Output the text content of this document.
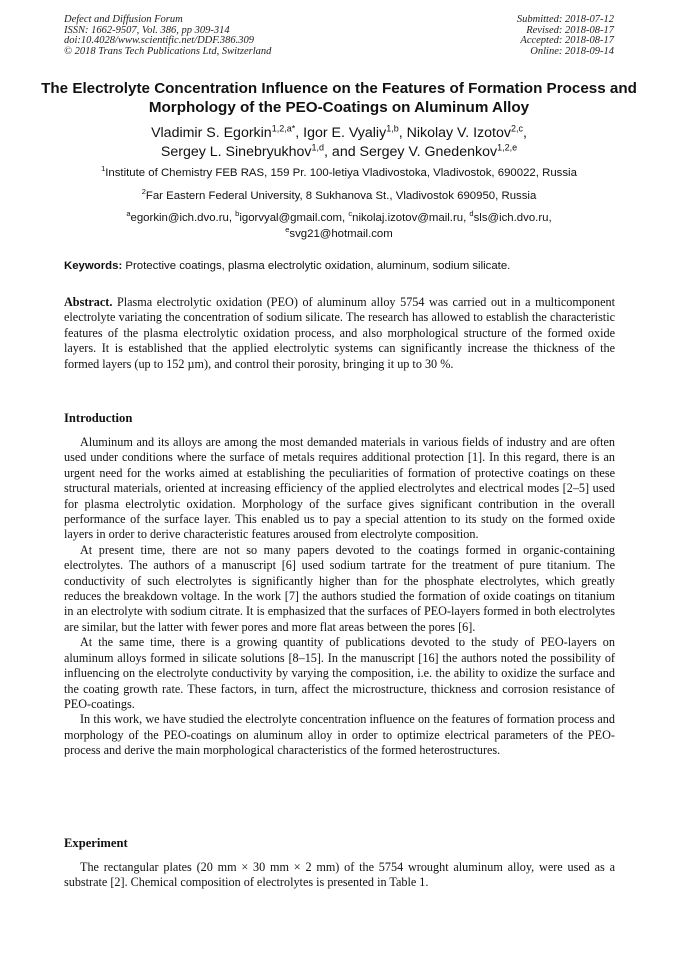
Defect and Diffusion Forum
ISSN: 1662-9507, Vol. 386, pp 309-314
doi:10.4028/www.scientific.net/DDF.386.309
© 2018 Trans Tech Publications Ltd, Switzerland
Submitted: 2018-07-12
Revised: 2018-08-17
Accepted: 2018-08-17
Online: 2018-09-14
The Electrolyte Concentration Influence on the Features of Formation Process and Morphology of the PEO-Coatings on Aluminum Alloy
Vladimir S. Egorkin$^{1,2,a*}$, Igor E. Vyaliy$^{1,b}$, Nikolay V. Izotov$^{2,c}$,
Sergey L. Sinebryukhov$^{1,d}$, and Sergey V. Gnedenkov$^{1,2,e}$
$^1$Institute of Chemistry FEB RAS, 159 Pr. 100-letiya Vladivostoka, Vladivostok, 690022, Russia
$^2$Far Eastern Federal University, 8 Sukhanova St., Vladivostok 690950, Russia
$^a$egorkin@ich.dvo.ru, $^b$igorvyal@gmail.com, $^c$nikolaj.izotov@mail.ru, $^d$sls@ich.dvo.ru,
$^e$svg21@hotmail.com
Keywords: Protective coatings, plasma electrolytic oxidation, aluminum, sodium silicate.
Abstract. Plasma electrolytic oxidation (PEO) of aluminum alloy 5754 was carried out in a multicomponent electrolyte variating the concentration of sodium silicate. The research has allowed to establish the characteristic features of the plasma electrolytic oxidation process, and also morphological structure of the formed oxide layers. It is established that the applied electrolytic systems can significantly increase the thickness of the formed layers (up to 152 µm), and control their porosity, bringing it up to 30 %.
Introduction

Aluminum and its alloys are among the most demanded materials in various fields of industry and are often used under conditions where the surface of metals requires additional protection [1]. In this regard, there is an urgent need for the works aimed at establishing the peculiarities of formation of protective coatings on these structural materials, oriented at increasing efficiency of the applied electrolytes and electrical modes [2–5] used for plasma electrolytic oxidation. Morphology of the surface gives significant contribution in the overall performance of the surface layer. This enabled us to pay a special attention to its study on the formed oxide layers in order to derive characteristic features aroused from electrolyte composition.

At present time, there are not so many papers devoted to the coatings formed in organic-containing electrolytes. The authors of a manuscript [6] used sodium tartrate for the treatment of pure titanium. The conductivity of such electrolytes is significantly higher than for the phosphate electrolytes, which greatly reduces the breakdown voltage. In the work [7] the authors studied the formation of oxide coatings on titanium in an electrolyte with sodium citrate. It is emphasized that the surfaces of PEO-layers formed in both electrolytes are similar, but the latter with fewer pores and more flat areas between the pores [6].

At the same time, there is a growing quantity of publications devoted to the study of PEO-layers on aluminum alloys formed in silicate solutions [8–15]. In the manuscript [16] the authors noted the possibility of influencing on the electrolyte conductivity by varying the composition, i.e. the ability to oxidize the surface and the coating growth rate. These factors, in turn, affect the microstructure, thickness and corrosion resistance of PEO-coatings.

In this work, we have studied the electrolyte concentration influence on the features of formation process and morphology of the PEO-coatings on aluminum alloy in order to optimize electrical parameters of the PEO-process and derive the main morphological characteristics of the formed heterostructures.

Experiment

The rectangular plates (20 mm × 30 mm × 2 mm) of the 5754 wrought aluminum alloy, were used as a substrate [2]. Chemical composition of electrolytes is presented in Table 1.
